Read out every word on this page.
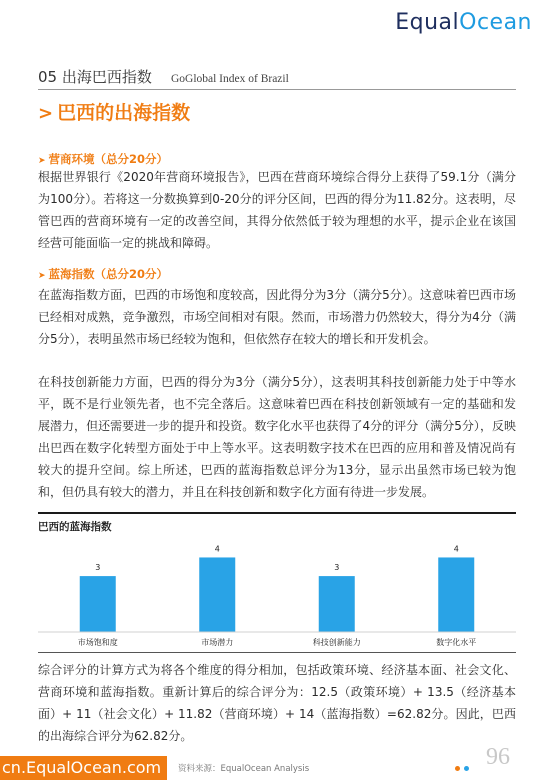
EqualOcean
05 出海巴西指数 GoGlobal Index of Brazil
> 巴西的出海指数
➤ 营商环境（总分20分）
根据世界银行《2020年营商环境报告》，巴西在营商环境综合得分上获得了59.1分（满分为100分）。若将这一分数换算到0-20分的评分区间，巴西的得分为11.82分。这表明，尽管巴西的营商环境有一定的改善空间，其得分依然低于较为理想的水平，提示企业在该国经营可能面临一定的挑战和障碍。
➤ 蓝海指数（总分20分）
在蓝海指数方面，巴西的市场饱和度较高，因此得分为3分（满分5分）。这意味着巴西市场已经相对成熟，竞争激烈，市场空间相对有限。然而，市场潜力仍然较大，得分为4分（满分5分），表明虽然市场已经较为饱和，但依然存在较大的增长和开发机会。
在科技创新能力方面，巴西的得分为3分（满分5分），这表明其科技创新能力处于中等水平，既不是行业领先者，也不完全落后。这意味着巴西在科技创新领域有一定的基础和发展潜力，但还需要进一步的提升和投资。数字化水平也获得了4分的评分（满分5分），反映出巴西在数字化转型方面处于中上等水平。这表明数字技术在巴西的应用和普及情况尚有较大的提升空间。综上所述，巴西的蓝海指数总评分为13分，显示出虽然市场已较为饱和，但仍具有较大的潜力，并且在科技创新和数字化方面有待进一步发展。
巴西的蓝海指数
3
市场饱和度
4
市场潜力
3
科技创新能力
4
数字化水平
综合评分的计算方式为将各个维度的得分相加，包括政策环境、经济基本面、社会文化、营商环境和蓝海指数。重新计算后的综合评分为：12.5（政策环境）+ 13.5（经济基本面）+ 11（社会文化）+ 11.82（营商环境）+ 14（蓝海指数）=62.82分。因此，巴西的出海综合评分为62.82分。
cn.EqualOcean.com	资料来源：EqualOcean Analysis	96
